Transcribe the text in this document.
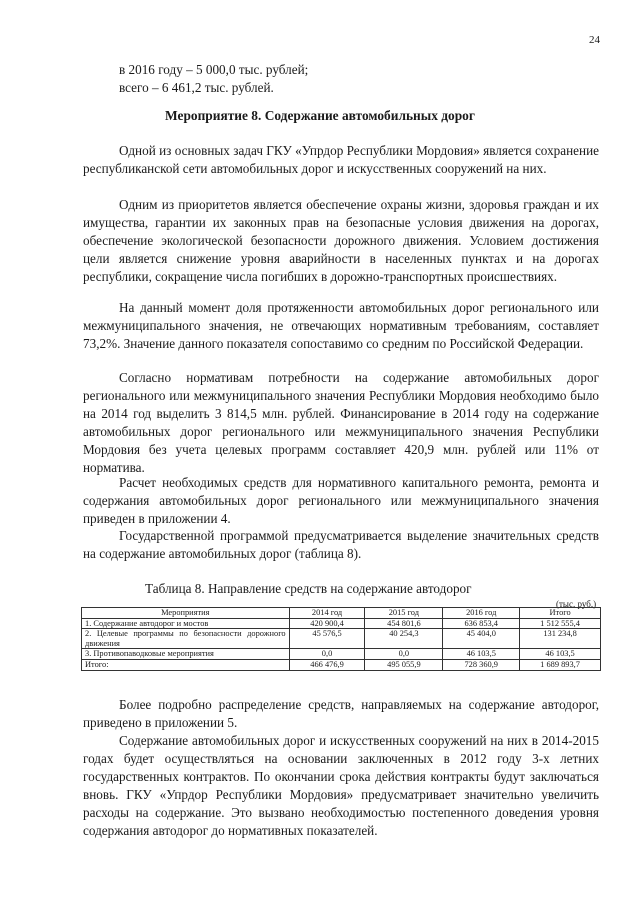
24
в 2016 году – 5 000,0 тыс. рублей;
всего – 6 461,2 тыс. рублей.
Мероприятие 8. Содержание автомобильных дорог

Одной из основных задач ГКУ «Упрдор Республики Мордовия» является сохранение республиканской сети автомобильных дорог и искусственных сооружений на них.

Одним из приоритетов является обеспечение охраны жизни, здоровья граждан и их имущества, гарантии их законных прав на безопасные условия движения на дорогах, обеспечение экологической безопасности дорожного движения. Условием достижения цели является снижение уровня аварийности в населенных пунктах и на дорогах республики, сокращение числа погибших в дорожно-транспортных происшествиях.

На данный момент доля протяженности автомобильных дорог регионального или межмуниципального значения, не отвечающих нормативным требованиям, составляет 73,2%. Значение данного показателя сопоставимо со средним по Российской Федерации.

Согласно нормативам потребности на содержание автомобильных дорог регионального или межмуниципального значения Республики Мордовия необходимо было на 2014 год выделить 3 814,5 млн. рублей. Финансирование в 2014 году на содержание автомобильных дорог регионального или межмуниципального значения Республики Мордовия без учета целевых программ составляет 420,9 млн. рублей или 11% от норматива.

Расчет необходимых средств для нормативного капитального ремонта, ремонта и содержания автомобильных дорог регионального или межмуниципального значения приведен в приложении 4.

Государственной программой предусматривается выделение значительных средств на содержание автомобильных дорог (таблица 8).

Таблица 8. Направление средств на содержание автодорог
(тыс. руб.)
Мероприятия	2014 год	2015 год	2016 год	Итого
1. Содержание автодорог и мостов	420 900,4	454 801,6	636 853,4	1 512 555,4
2. Целевые программы по безопасности дорожного движения	45 576,5	40 254,3	45 404,0	131 234,8
3. Противопаводковые мероприятия	0,0	0,0	46 103,5	46 103,5
Итого:	466 476,9	495 055,9	728 360,9	1 689 893,7

Более подробно распределение средств, направляемых на содержание автодорог, приведено в приложении 5.

Содержание автомобильных дорог и искусственных сооружений на них в 2014-2015 годах будет осуществляться на основании заключенных в 2012 году 3-х летних государственных контрактов. По окончании срока действия контракты будут заключаться вновь. ГКУ «Упрдор Республики Мордовия» предусматривает значительно увеличить расходы на содержание. Это вызвано необходимостью постепенного доведения уровня содержания автодорог до нормативных показателей.
